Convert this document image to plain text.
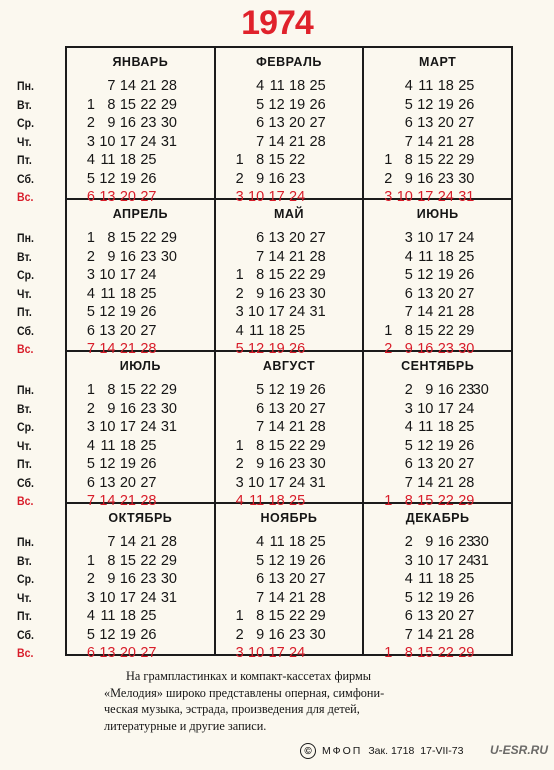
1974
ЯНВАРЬ
Пн.
Вт.
Ср.
Чт.
Пт.
Сб.
Вс.
1
2
3
4
5
6
7
8
9
10
11
12
13
14
15
16
17
18
19
20
21
22
23
24
25
26
27
28
29
30
31
ФЕВРАЛЬ
1
2
3
4
5
6
7
8
9
10
11
12
13
14
15
16
17
18
19
20
21
22
23
24
25
26
27
28
МАРТ
1
2
3
4
5
6
7
8
9
10
11
12
13
14
15
16
17
18
19
20
21
22
23
24
25
26
27
28
29
30
31
АПРЕЛЬ
Пн.
Вт.
Ср.
Чт.
Пт.
Сб.
Вс.
1
2
3
4
5
6
7
8
9
10
11
12
13
14
15
16
17
18
19
20
21
22
23
24
25
26
27
28
29
30
МАЙ
1
2
3
4
5
6
7
8
9
10
11
12
13
14
15
16
17
18
19
20
21
22
23
24
25
26
27
28
29
30
31
ИЮНЬ
1
2
3
4
5
6
7
8
9
10
11
12
13
14
15
16
17
18
19
20
21
22
23
24
25
26
27
28
29
30
ИЮЛЬ
Пн.
Вт.
Ср.
Чт.
Пт.
Сб.
Вс.
1
2
3
4
5
6
7
8
9
10
11
12
13
14
15
16
17
18
19
20
21
22
23
24
25
26
27
28
29
30
31
АВГУСТ
1
2
3
4
5
6
7
8
9
10
11
12
13
14
15
16
17
18
19
20
21
22
23
24
25
26
27
28
29
30
31
СЕНТЯБРЬ
1
2
3
4
5
6
7
8
9
10
11
12
13
14
15
16
17
18
19
20
21
22
23
24
25
26
27
28
29
30
ОКТЯБРЬ
Пн.
Вт.
Ср.
Чт.
Пт.
Сб.
Вс.
1
2
3
4
5
6
7
8
9
10
11
12
13
14
15
16
17
18
19
20
21
22
23
24
25
26
27
28
29
30
31
НОЯБРЬ
1
2
3
4
5
6
7
8
9
10
11
12
13
14
15
16
17
18
19
20
21
22
23
24
25
26
27
28
29
30
ДЕКАБРЬ
1
2
3
4
5
6
7
8
9
10
11
12
13
14
15
16
17
18
19
20
21
22
23
24
25
26
27
28
29
30
31
На грампластинках и компакт-кассетах фирмы
«Мелодия» широко представлены оперная, симфони-
ческая музыка, эстрада, произведения для детей,
литературные и другие записи.
© МФОП Зак. 1718 17-VII-73 U-ESR.RU
